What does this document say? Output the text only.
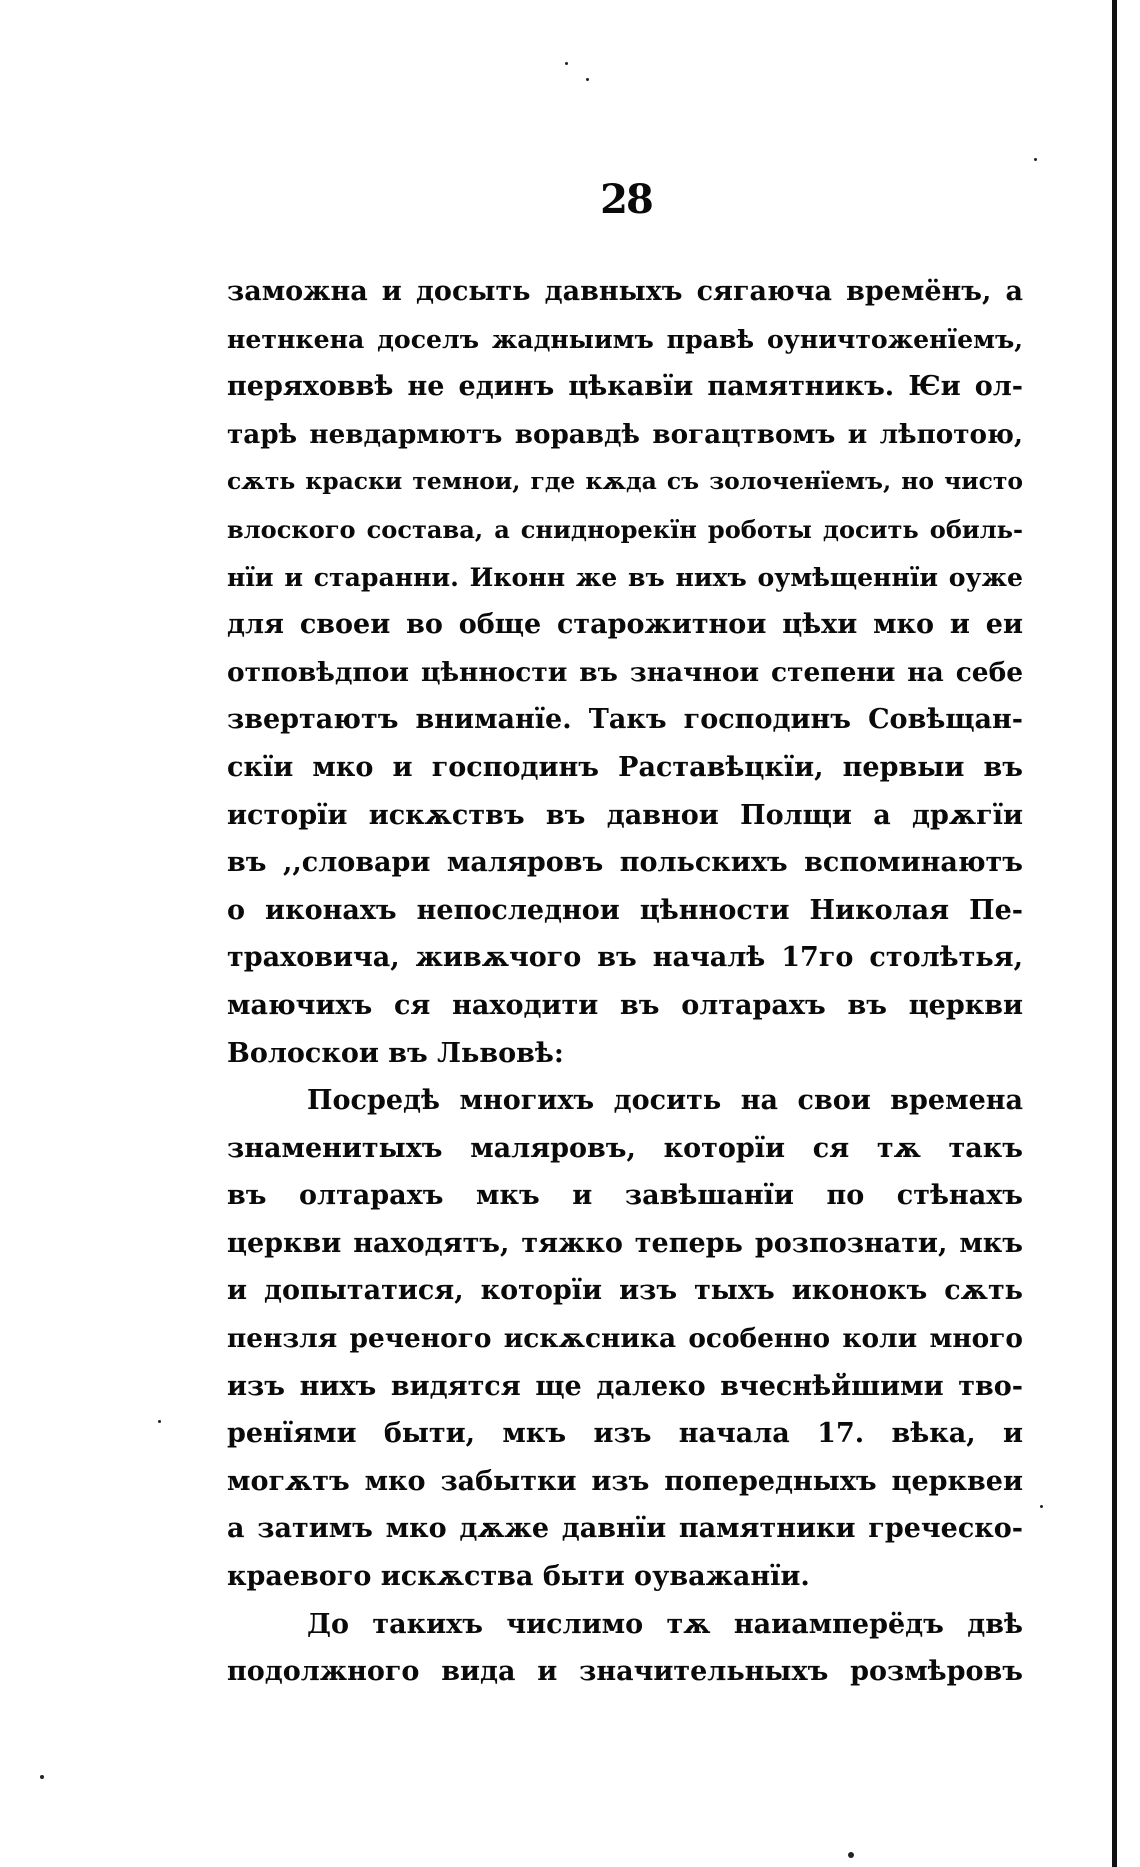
28
заможна и досыть давныхъ сягаюча времёнъ, а
нетнкена доселъ жадныимъ правѣ оуничтоженїемъ,
перяховвѣ не единъ цѣкавїи памятникъ. Ѥи ол-
тарѣ невдармютъ воравдѣ вогацтвомъ и лѣпотою,
сѫть краски темнои, где кѫда съ золоченїемъ, но чисто
влоского состава, а сниднорекїн роботы досить обиль-
нїи и старанни. Иконн же въ нихъ оумѣщеннїи оуже
для своеи во обще старожитнои цѣхи мко и еи
отповѣдпои цѣнности въ значнои степени на себе
звертаютъ вниманїе. Такъ господинъ Совѣщан-
скїи мко и господинъ Раставѣцкїи, первыи въ
исторїи искѫствъ въ давнои Полщи а дрѫгїи
въ ,,словари маляровъ польскихъ вспоминаютъ
о иконахъ непоследнои цѣнности Николая Пе-
траховича, живѫчого въ началѣ 17го столѣтья,
маючихъ ся находити въ олтарахъ въ церкви
Волоскои въ Львовѣ:
Посредѣ многихъ досить на свои времена
знаменитыхъ маляровъ, которїи ся тѫ такъ
въ олтарахъ мкъ и завѣшанїи по стѣнахъ
церкви находятъ, тяжко теперь розпознати, мкъ
и допытатися, которїи изъ тыхъ иконокъ сѫть
пензля реченого искѫсника особенно коли много
изъ нихъ видятся ще далеко вчеснѣйшими тво-
ренїями быти, мкъ изъ начала 17. вѣка, и
могѫтъ мко забытки изъ попередныхъ церквеи
а затимъ мко дѫже давнїи памятники греческо-
краевого искѫства быти оуважанїи.
До такихъ числимо тѫ наиамперёдъ двѣ
подолжного вида и значительныхъ розмѣровъ
